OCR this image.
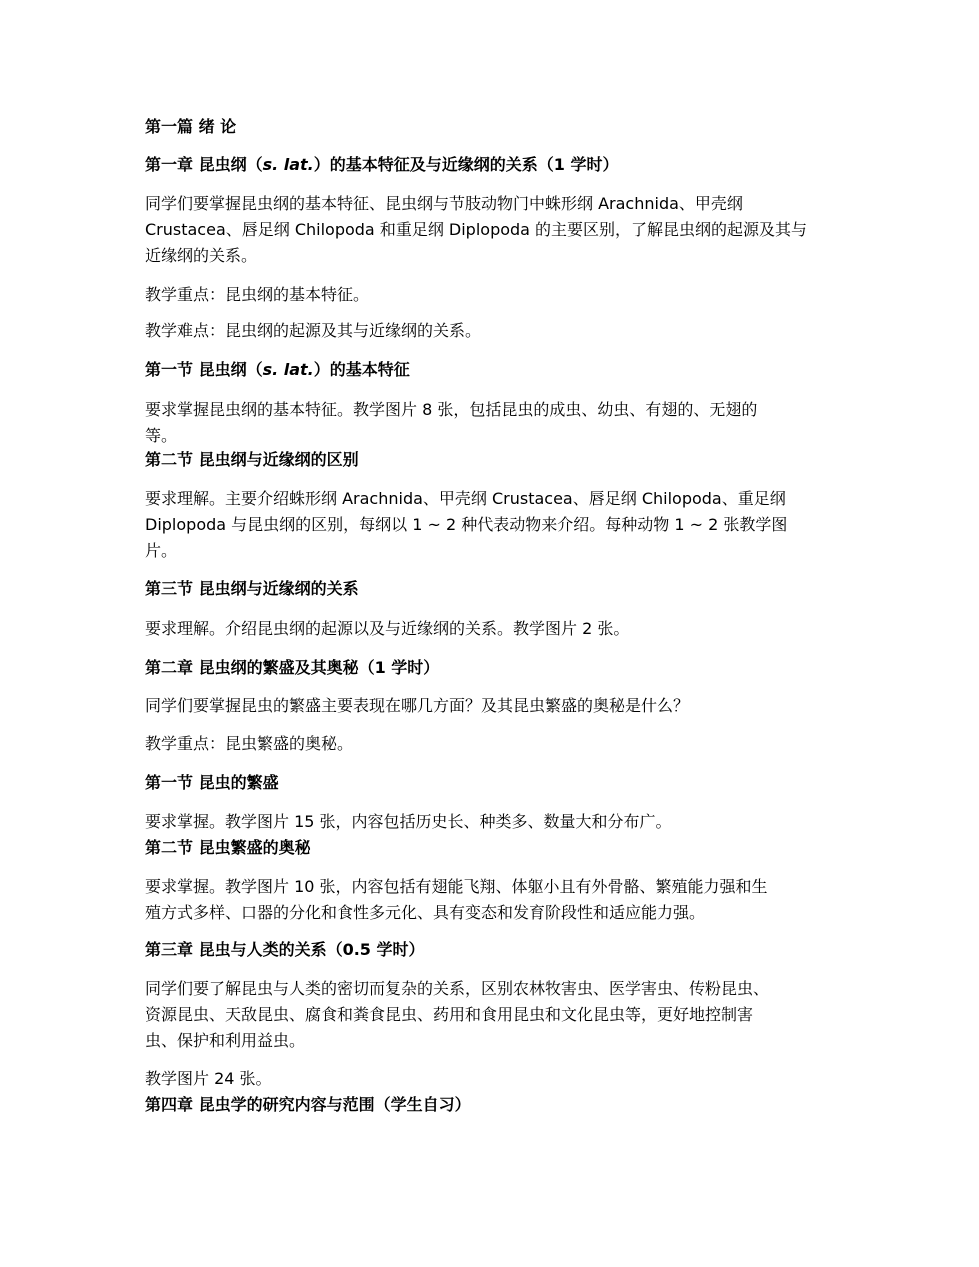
第一篇 绪 论
第一章 昆虫纲（s. lat.）的基本特征及与近缘纲的关系（1 学时）
同学们要掌握昆虫纲的基本特征、昆虫纲与节肢动物门中蛛形纲 Arachnida、甲壳纲
Crustacea、唇足纲 Chilopoda 和重足纲 Diplopoda 的主要区别，了解昆虫纲的起源及其与
近缘纲的关系。
教学重点：昆虫纲的基本特征。
教学难点：昆虫纲的起源及其与近缘纲的关系。
第一节 昆虫纲（s. lat.）的基本特征
要求掌握昆虫纲的基本特征。教学图片 8 张，包括昆虫的成虫、幼虫、有翅的、无翅的
等。
第二节 昆虫纲与近缘纲的区别
要求理解。主要介绍蛛形纲 Arachnida、甲壳纲 Crustacea、唇足纲 Chilopoda、重足纲
Diplopoda 与昆虫纲的区别，每纲以 1 ~ 2 种代表动物来介绍。每种动物 1 ~ 2 张教学图
片。
第三节 昆虫纲与近缘纲的关系
要求理解。介绍昆虫纲的起源以及与近缘纲的关系。教学图片 2 张。
第二章 昆虫纲的繁盛及其奥秘（1 学时）
同学们要掌握昆虫的繁盛主要表现在哪几方面？及其昆虫繁盛的奥秘是什么？
教学重点：昆虫繁盛的奥秘。
第一节 昆虫的繁盛
要求掌握。教学图片 15 张，内容包括历史长、种类多、数量大和分布广。
第二节 昆虫繁盛的奥秘
要求掌握。教学图片 10 张，内容包括有翅能飞翔、体躯小且有外骨骼、繁殖能力强和生
殖方式多样、口器的分化和食性多元化、具有变态和发育阶段性和适应能力强。
第三章 昆虫与人类的关系（0.5 学时）
同学们要了解昆虫与人类的密切而复杂的关系，区别农林牧害虫、医学害虫、传粉昆虫、
资源昆虫、天敌昆虫、腐食和粪食昆虫、药用和食用昆虫和文化昆虫等，更好地控制害
虫、保护和利用益虫。
教学图片 24 张。
第四章 昆虫学的研究内容与范围（学生自习）
